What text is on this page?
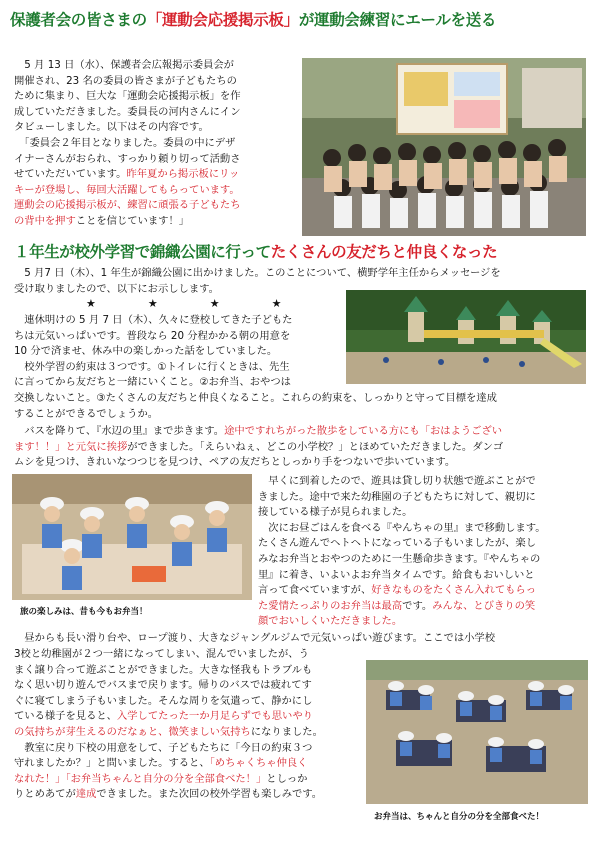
保護者会の皆さまの「運動会応援掲示板」が運動会練習にエールを送る
　5 月 13 日（水）、保護者会広報掲示委員会が
開催され、23 名の委員の皆さまが子どもたちの
ために集まり、巨大な「運動会応援掲示板」を作
成していただきました。委員長の河内さんにイン
タビューしました。以下はその内容です。
　「委員会２年目となりました。委員の中にデザ
イナーさんがおられ、すっかり頼り切って活動さ
せていただいています。昨年夏から掲示板にリッ
キーが登場し、毎回大活躍してもらっています。
運動会の応援掲示板が、練習に頑張る子どもたち
の背中を押すことを信じています！」
１年生が校外学習で錦織公園に行ってたくさんの友だちと仲良くなった
　5 月7 日（木）、1 年生が錦織公園に出かけました。このことについて、横野学年主任からメッセージを
受け取りましたので、以下にお示しします。
★★★★
　連休明けの 5 月 7 日（木）、久々に登校してきた子どもた
ちは元気いっぱいです。普段なら 20 分程かかる朝の用意を
10 分で済ませ、休み中の楽しかった話をしていました。
　校外学習の約束は３つです。①トイレに行くときは、先生
に言ってから友だちと一緒にいくこと。②お弁当、おやつは
交換しないこと。③たくさんの友だちと仲良くなること。これらの約束を、しっかりと守って目標を達成
することができるでしょうか。
　バスを降りて、『水辺の里』まで歩きます。途中ですれちがった散歩をしている方にも「おはようござい
ます！！」と元気に挨拶ができました。「えらいねぇ、どこの小学校？」とほめていただきました。ダンゴ
ムシを見つけ、きれいなつつじを見つけ、ペアの友だちとしっかり手をつないで歩いています。
旅の楽しみは、昔も今もお弁当！
　早くに到着したので、遊具は貸し切り状態で遊ぶことがで
きました。途中で来た幼稚園の子どもたちに対して、親切に
接している様子が見られました。
　次にお昼ごはんを食べる『やんちゃの里』まで移動します。
たくさん遊んでヘトヘトになっている子もいましたが、楽し
みなお弁当とおやつのために一生懸命歩きます。『やんちゃの
里』に着き、いよいよお弁当タイムです。給食もおいしいと
言って食べていますが、好きなものをたくさん入れてもらっ
た愛情たっぷりのお弁当は最高です。みんな、とびきりの笑
顔でおいしくいただきました。
　昼からも長い滑り台や、ロープ渡り、大きなジャングルジムで元気いっぱい遊びます。ここでは小学校
3校と幼稚園が２つ一緒になってしまい、混んでいましたが、う
まく譲り合って遊ぶことができました。大きな怪我もトラブルも
なく思い切り遊んでバスまで戻ります。帰りのバスでは疲れてす
ぐに寝てしまう子もいました。そんな周りを気遣って、静かにし
ている様子を見ると、入学してたった一か月足らずでも思いやり
の気持ちが芽生えるのだなぁと、微笑ましい気持ちになりました。
　教室に戻り下校の用意をして、子どもたちに「今日の約束３つ
守れましたか？」と問いました。すると、「めちゃくちゃ仲良く
なれた！」「お弁当ちゃんと自分の分を全部食べた！」としっか
りとめあてが達成できました。また次回の校外学習も楽しみです。
お弁当は、ちゃんと自分の分を全部食べた！
